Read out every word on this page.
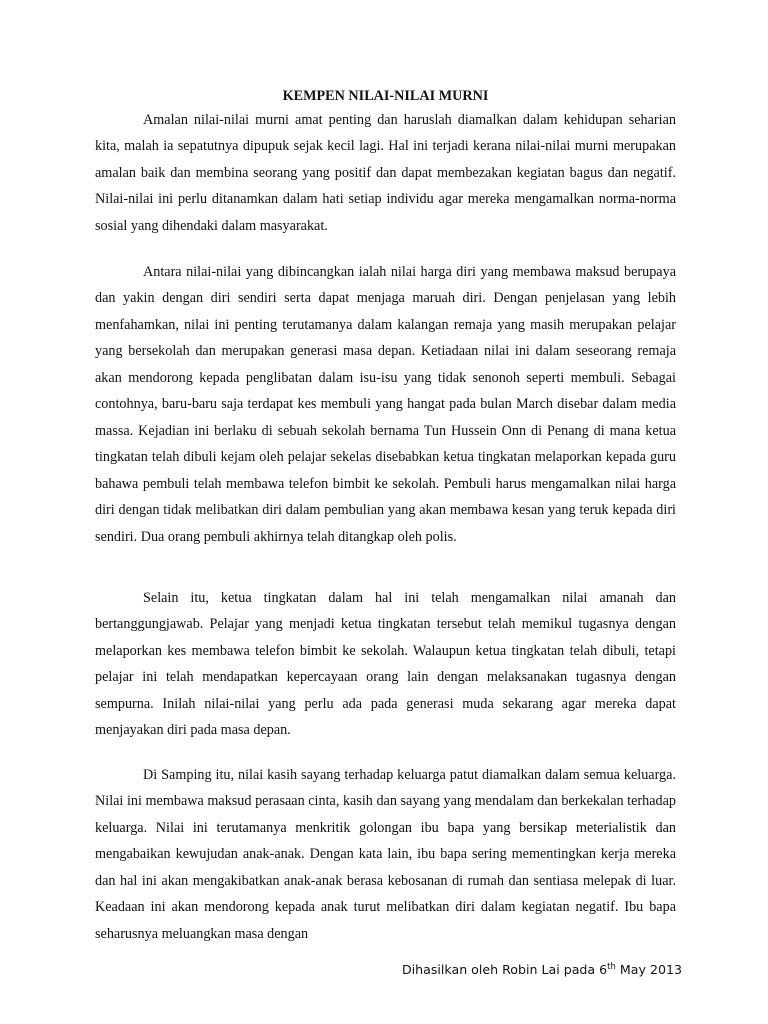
KEMPEN NILAI-NILAI MURNI

Amalan nilai-nilai murni amat penting dan haruslah diamalkan dalam kehidupan seharian kita, malah ia sepatutnya dipupuk sejak kecil lagi. Hal ini terjadi kerana nilai-nilai murni merupakan amalan baik dan membina seorang yang positif dan dapat membezakan kegiatan bagus dan negatif. Nilai-nilai ini perlu ditanamkan dalam hati setiap individu agar mereka mengamalkan norma-norma sosial yang dihendaki dalam masyarakat.

Antara nilai-nilai yang dibincangkan ialah nilai harga diri yang membawa maksud berupaya dan yakin dengan diri sendiri serta dapat menjaga maruah diri. Dengan penjelasan yang lebih menfahamkan, nilai ini penting terutamanya dalam kalangan remaja yang masih merupakan pelajar yang bersekolah dan merupakan generasi masa depan. Ketiadaan nilai ini dalam seseorang remaja akan mendorong kepada penglibatan dalam isu-isu yang tidak senonoh seperti membuli. Sebagai contohnya, baru-baru saja terdapat kes membuli yang hangat pada bulan March disebar dalam media massa. Kejadian ini berlaku di sebuah sekolah bernama Tun Hussein Onn di Penang di mana ketua tingkatan telah dibuli kejam oleh pelajar sekelas disebabkan ketua tingkatan melaporkan kepada guru bahawa pembuli telah membawa telefon bimbit ke sekolah. Pembuli harus mengamalkan nilai harga diri dengan tidak melibatkan diri dalam pembulian yang akan membawa kesan yang teruk kepada diri sendiri. Dua orang pembuli akhirnya telah ditangkap oleh polis.

Selain itu, ketua tingkatan dalam hal ini telah mengamalkan nilai amanah dan bertanggungjawab. Pelajar yang menjadi ketua tingkatan tersebut telah memikul tugasnya dengan melaporkan kes membawa telefon bimbit ke sekolah. Walaupun ketua tingkatan telah dibuli, tetapi pelajar ini telah mendapatkan kepercayaan orang lain dengan melaksanakan tugasnya dengan sempurna. Inilah nilai-nilai yang perlu ada pada generasi muda sekarang agar mereka dapat menjayakan diri pada masa depan.

Di Samping itu, nilai kasih sayang terhadap keluarga patut diamalkan dalam semua keluarga. Nilai ini membawa maksud perasaan cinta, kasih dan sayang yang mendalam dan berkekalan terhadap keluarga. Nilai ini terutamanya menkritik golongan ibu bapa yang bersikap meterialistik dan mengabaikan kewujudan anak-anak. Dengan kata lain, ibu bapa sering mementingkan kerja mereka dan hal ini akan mengakibatkan anak-anak berasa kebosanan di rumah dan sentiasa melepak di luar. Keadaan ini akan mendorong kepada anak turut melibatkan diri dalam kegiatan negatif. Ibu bapa seharusnya meluangkan masa dengan

Dihasilkan oleh Robin Lai pada 6th May 2013
